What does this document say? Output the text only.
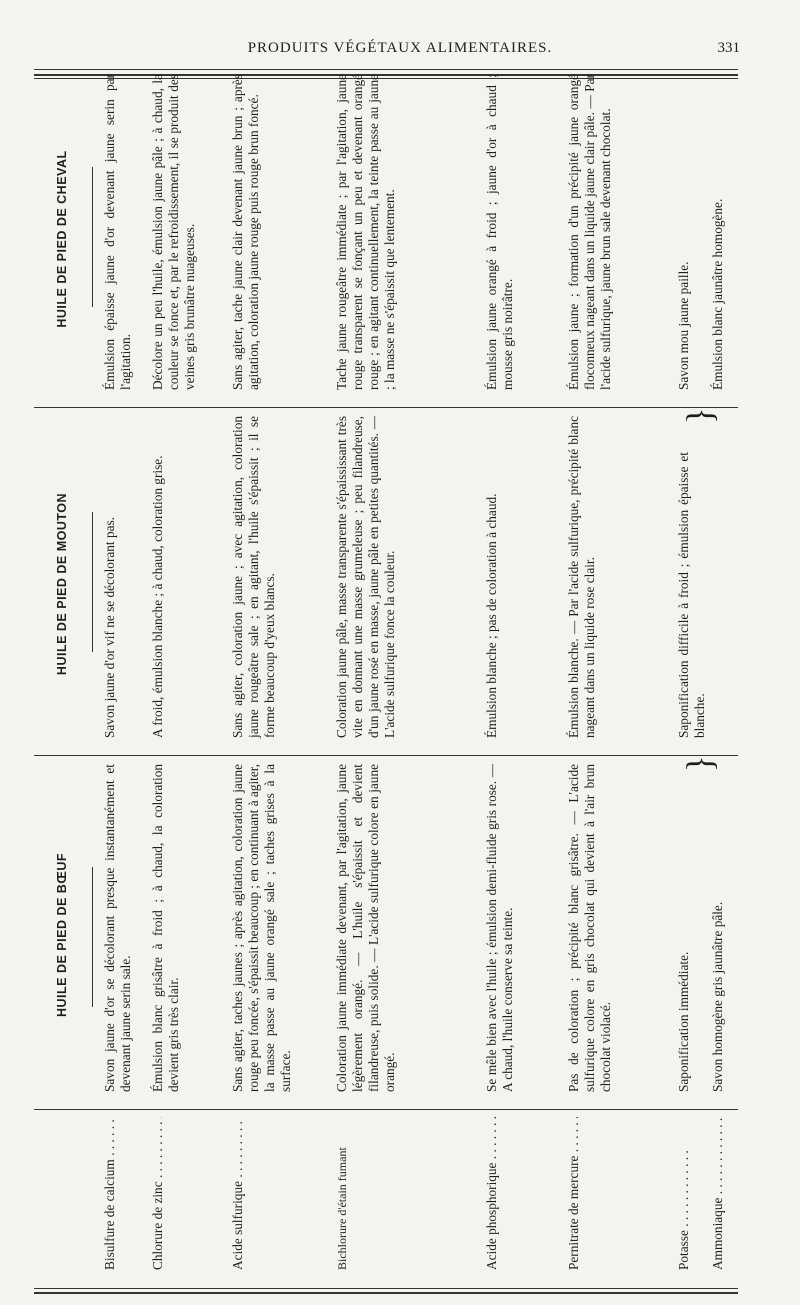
PRODUITS VÉGÉTAUX ALIMENTAIRES.	331
HUILE DE PIED DE BŒUF
HUILE DE PIED DE MOUTON
HUILE DE PIED DE CHEVAL
Bisulfure de calcium . . .
Savon jaune d'or se décolorant presque instantanément et devenant jaune serin sale.
Savon jaune d'or vif ne se décolorant pas.
Émulsion épaisse jaune d'or devenant jaune serin par l'agitation.
Chlorure de zinc . . .
Émulsion blanc grisâtre à froid ; à chaud, la coloration devient gris très clair.
A froid, émulsion blanche ; à chaud, coloration grise.
Décolore un peu l'huile, émulsion jaune pâle ; à chaud, la couleur se fonce et, par le refroidissement, il se produit des veines gris brunâtre nuageuses.
Acide sulfurique . . .
Sans agiter, taches jaunes ; après agitation, coloration jaune rouge peu foncée, s'épaissit beaucoup ; en continuant à agiter, la masse passe au jaune orangé sale ; taches grises à la surface.
Sans agiter, coloration jaune ; avec agitation, coloration jaune rougeâtre sale ; en agitant, l'huile s'épaissit ; il se forme beaucoup d'yeux blancs.
Sans agiter, tache jaune clair devenant jaune brun ; après agitation, coloration jaune rouge puis rouge brun foncé.
Bichlorure d'étain fumant
Coloration jaune immédiate devenant, par l'agitation, jaune légèrement orangé. — L'huile s'épaissit et devient filandreuse, puis solide. — L'acide sulfurique colore en jaune orangé.
Coloration jaune pâle, masse transparente s'épaississant très vite en donnant une masse grumeleuse ; peu filandreuse, d'un jaune rosé en masse, jaune pâle en petites quantités. — L'acide sulfurique fonce la couleur.
Tache jaune rougeâtre immédiate ; par l'agitation, jaune rouge transparent se fonçant un peu et devenant orangé rouge ; en agitant continuellement, la teinte passe au jaune ; la masse ne s'épaissit que lentement.
Acide phosphorique . . .
Se mêle bien avec l'huile ; émulsion demi-fluide gris rose. — A chaud, l'huile conserve sa teinte.
Émulsion blanche ; pas de coloration à chaud.
Émulsion jaune orangé à froid ; jaune d'or à chaud ; mousse gris noirâtre.
Pernitrate de mercure . . .
Pas de coloration ; précipité blanc grisâtre. — L'acide sulfurique colore en gris chocolat qui devient à l'air brun chocolat violacé.
Émulsion blanche. — Par l'acide sulfurique, précipité blanc nageant dans un liquide rose clair.
Émulsion jaune ; formation d'un précipité jaune orangé floconneux nageant dans un liquide jaune clair pâle. — Par l'acide sulfurique, jaune brun sale devenant chocolat.
Potasse . . .
Saponification immédiate.
Saponification difficile à froid ; émulsion épaisse et blanche.
Savon mou jaune paille.
Ammoniaque . . .
Savon homogène gris jaunâtre pâle.
Émulsion blanc jaunâtre homogène.
}
}
